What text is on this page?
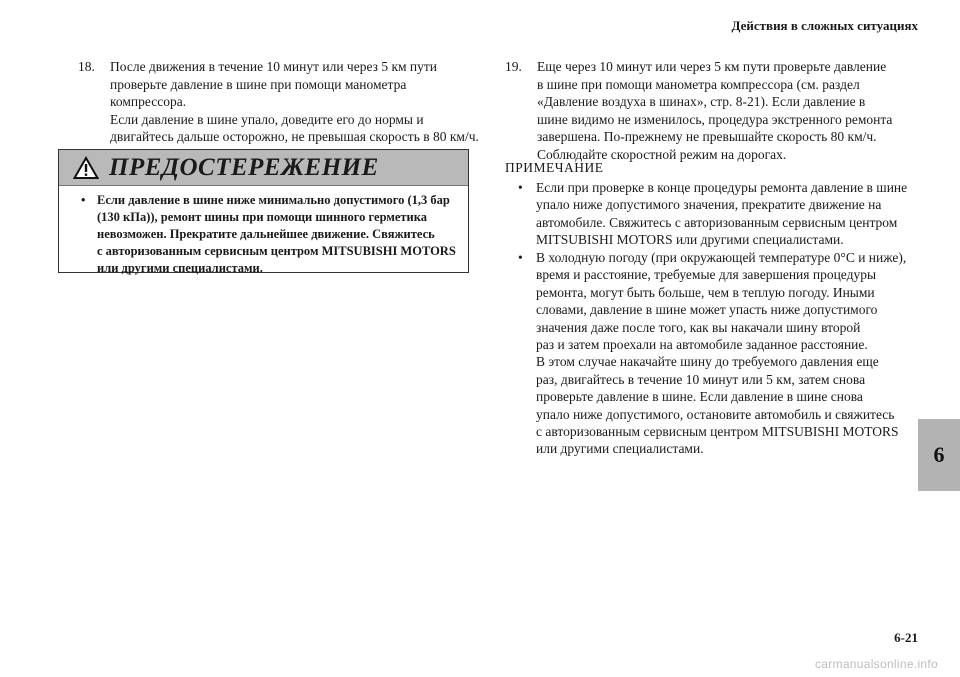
Действия в сложных ситуациях
18. После движения в течение 10 минут или через 5 км пути
проверьте давление в шине при помощи манометра
компрессора.
Если давление в шине упало, доведите его до нормы и
двигайтесь дальше осторожно, не превышая скорость в 80 км/ч.
ПРЕДОСТЕРЕЖЕНИЕ
• Если давление в шине ниже минимально допустимого (1,3 бар
(130 кПа)), ремонт шины при помощи шинного герметика
невозможен. Прекратите дальнейшее движение. Свяжитесь
с авторизованным сервисным центром MITSUBISHI MOTORS
или другими специалистами.
19. Еще через 10 минут или через 5 км пути проверьте давление
в шине при помощи манометра компрессора (см. раздел
«Давление воздуха в шинах», стр. 8-21). Если давление в
шине видимо не изменилось, процедура экстренного ремонта
завершена. По-прежнему не превышайте скорость 80 км/ч.
Соблюдайте скоростной режим на дорогах.
ПРИМЕЧАНИЕ
• Если при проверке в конце процедуры ремонта давление в шине
упало ниже допустимого значения, прекратите движение на
автомобиле. Свяжитесь с авторизованным сервисным центром
MITSUBISHI MOTORS или другими специалистами.
• В холодную погоду (при окружающей температуре 0°С и ниже),
время и расстояние, требуемые для завершения процедуры
ремонта, могут быть больше, чем в теплую погоду. Иными
словами, давление в шине может упасть ниже допустимого
значения даже после того, как вы накачали шину второй
раз и затем проехали на автомобиле заданное расстояние.
В этом случае накачайте шину до требуемого давления еще
раз, двигайтесь в течение 10 минут или 5 км, затем снова
проверьте давление в шине. Если давление в шине снова
упало ниже допустимого, остановите автомобиль и свяжитесь
с авторизованным сервисным центром MITSUBISHI MOTORS
или другими специалистами.	6
6-21
carmanualsonline.info
